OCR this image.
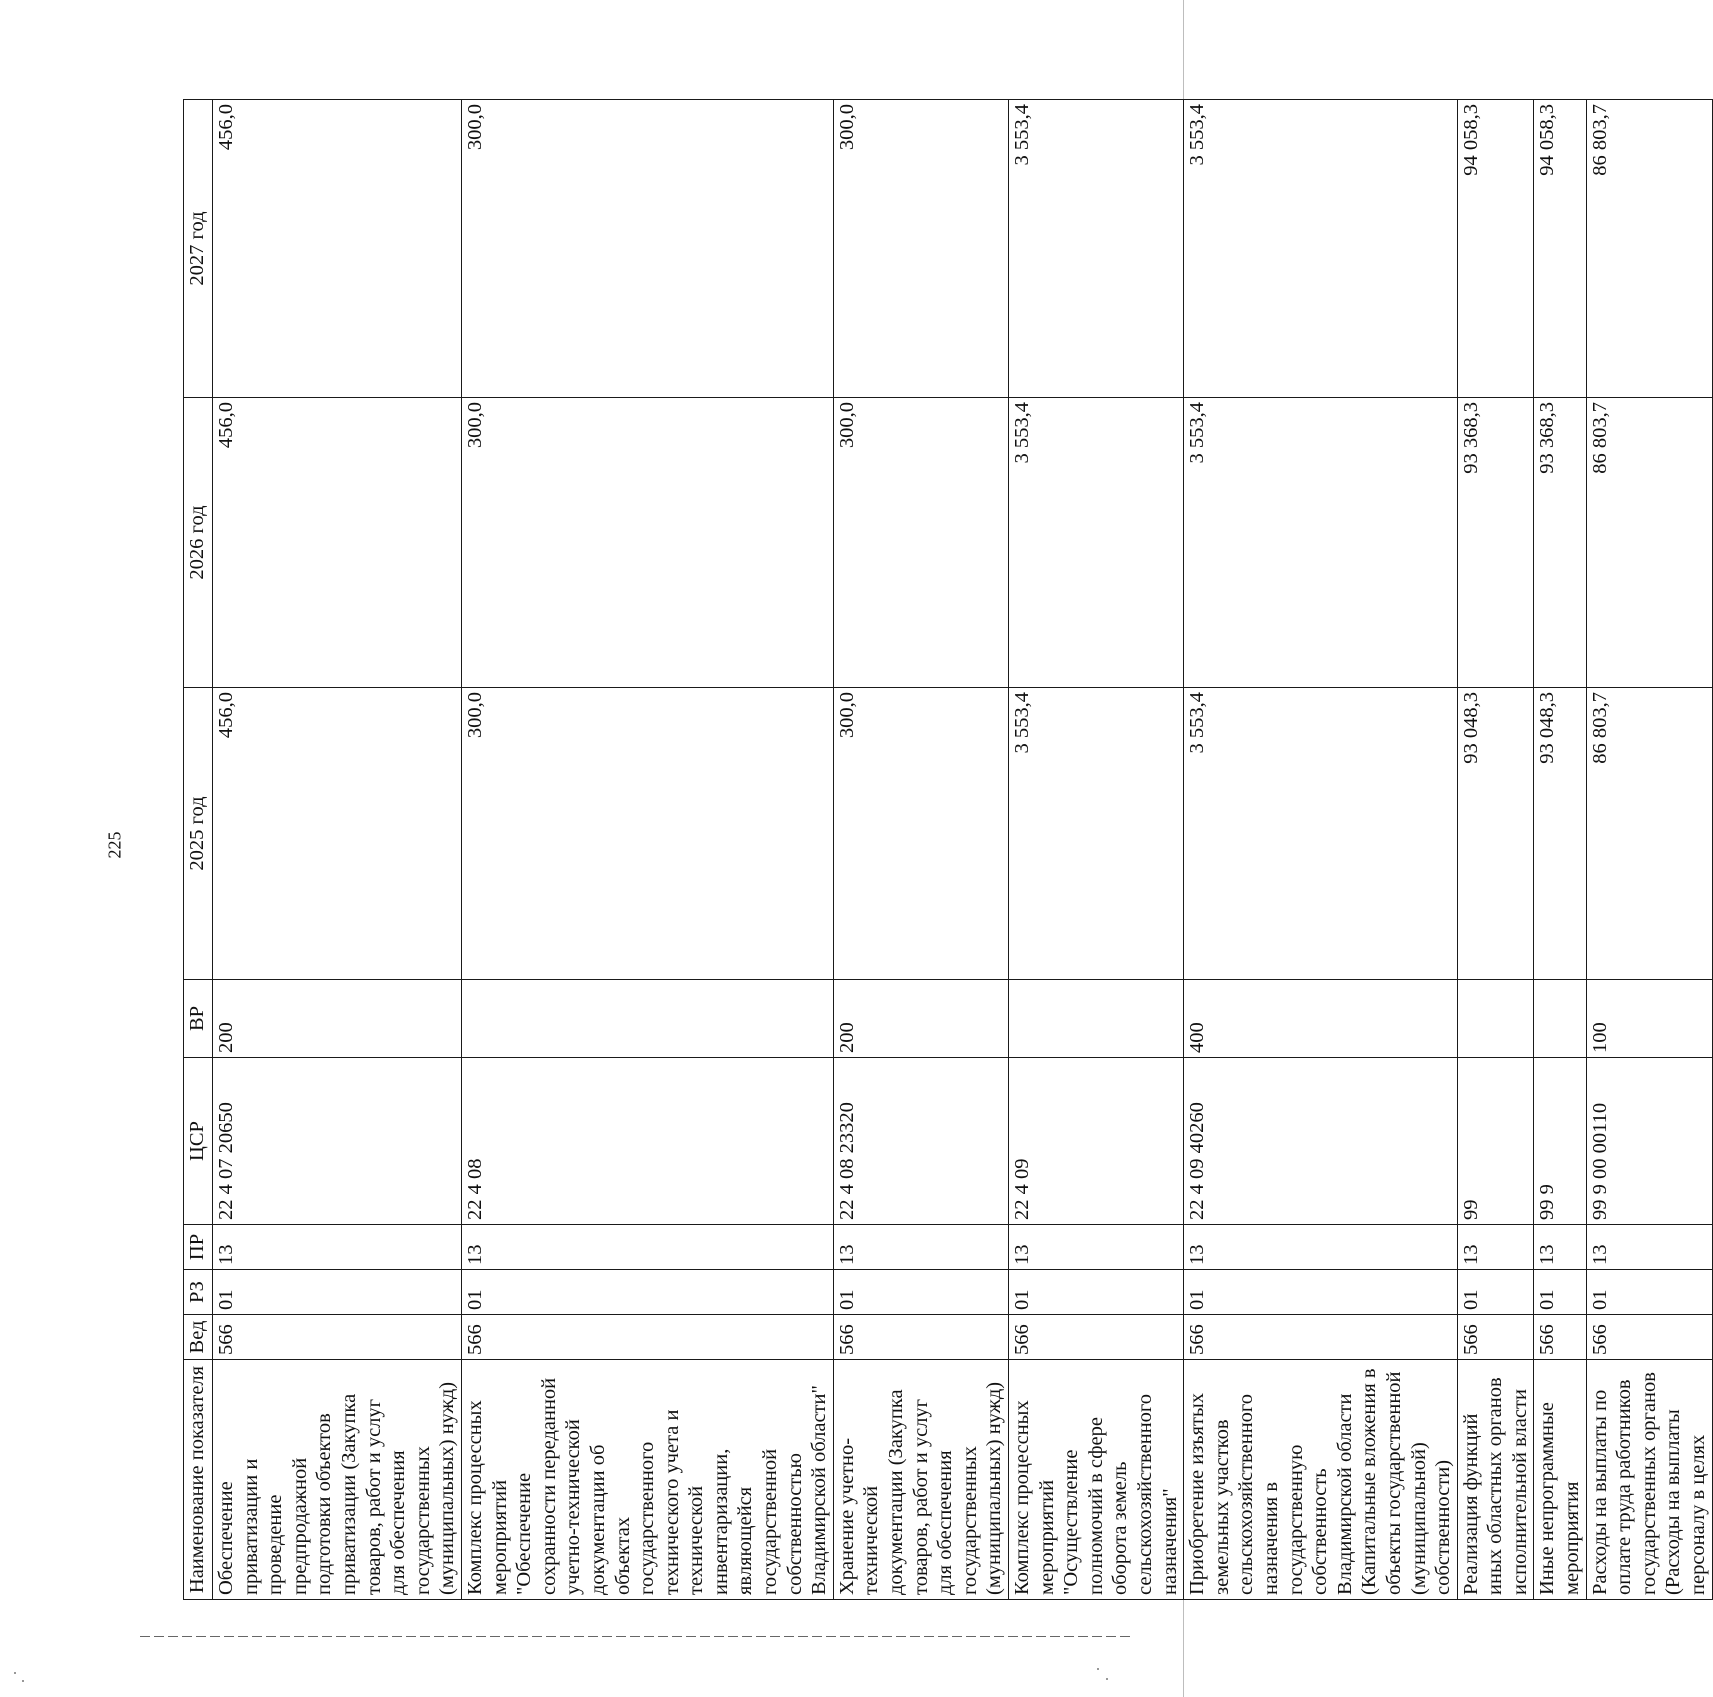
225
Наименование показателя	Вед	РЗ	ПР	ЦСР	ВР	2025 год	2026 год	2027 год
Обеспечение приватизации и проведение предпродажной подготовки объектов приватизации (Закупка товаров, работ и услуг для обеспечения государственных (муниципальных) нужд)	566	01	13	22 4 07 20650	200	456,0	456,0	456,0
Комплекс процессных мероприятий "Обеспечение сохранности переданной учетно-технической документации об объектах государственного технического учета и технической инвентаризации, являющейся государственной собственностью Владимирской области"	566	01	13	22 4 08		300,0	300,0	300,0
Хранение учетно-технической документации (Закупка товаров, работ и услуг для обеспечения государственных (муниципальных) нужд)	566	01	13	22 4 08 23320	200	300,0	300,0	300,0
Комплекс процессных мероприятий "Осуществление полномочий в сфере оборота земель сельскохозяйственного назначения"	566	01	13	22 4 09		3 553,4	3 553,4	3 553,4
Приобретение изъятых земельных участков сельскохозяйственного назначения в государственную собственность Владимирской области (Капитальные вложения в объекты государственной (муниципальной) собственности)	566	01	13	22 4 09 40260	400	3 553,4	3 553,4	3 553,4
Реализация функций иных областных органов исполнительной власти	566	01	13	99		93 048,3	93 368,3	94 058,3
Иные непрограммные мероприятия	566	01	13	99 9		93 048,3	93 368,3	94 058,3
Расходы на выплаты по оплате труда работников государственных органов (Расходы на выплаты персоналу в целях	566	01	13	99 9 00 00110	100	86 803,7	86 803,7	86 803,7
